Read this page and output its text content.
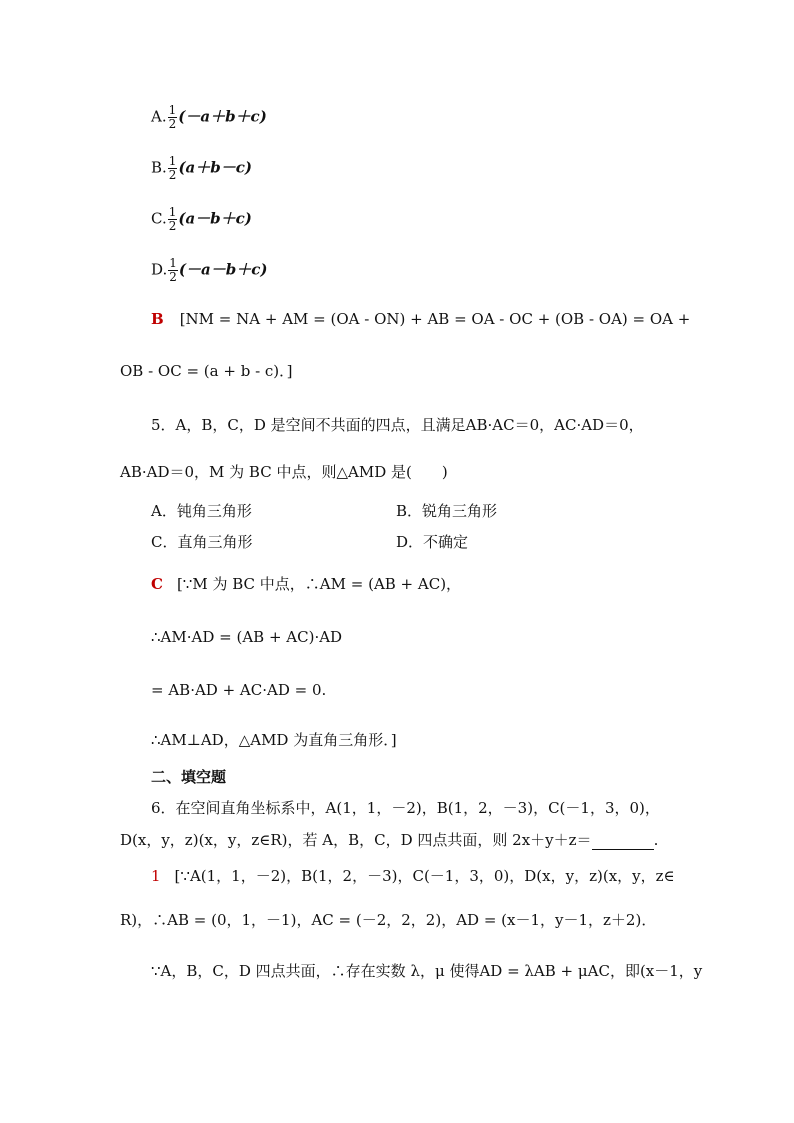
A. $\frac{1}{2} (-a+b+c)$
B. $\frac{1}{2} (a+b-c)$
C. $\frac{1}{2} (a-b+c)$
D. $\frac{1}{2} (-a-b+c)$
B [NM = NA + AM = (OA - ON) + AB = OA - OC + (OB - OA) = OA +
OB - OC = (a + b - c)．]
5．A，B，C，D 是空间不共面的四点，且满足AB·AC＝0，AC·AD＝0，
AB·AD＝0，M 为 BC 中点，则△AMD 是(　　)
A．钝角三角形	B．锐角三角形
C．直角三角形	D．不确定
C [∵M 为 BC 中点，∴AM = (AB + AC)，
∴AM·AD = (AB + AC)·AD
= AB·AD + AC·AD = 0.
∴AM⊥AD，△AMD 为直角三角形．]
二、填空题
6．在空间直角坐标系中，A(1，1，－2)，B(1，2，－3)，C(－1，3，0)，
D(x，y，z)(x，y，z∈R)，若 A，B，C，D 四点共面，则 2x＋y＋z＝	.
1 [∵A(1，1，－2)，B(1，2，－3)，C(－1，3，0)，D(x，y，z)(x，y，z∈
R)，∴AB = (0，1，－1)，AC = (－2，2，2)，AD = (x－1，y－1，z＋2)．
∵A，B，C，D 四点共面，∴存在实数 λ，μ 使得AD = λAB + μAC，即(x－1，y
